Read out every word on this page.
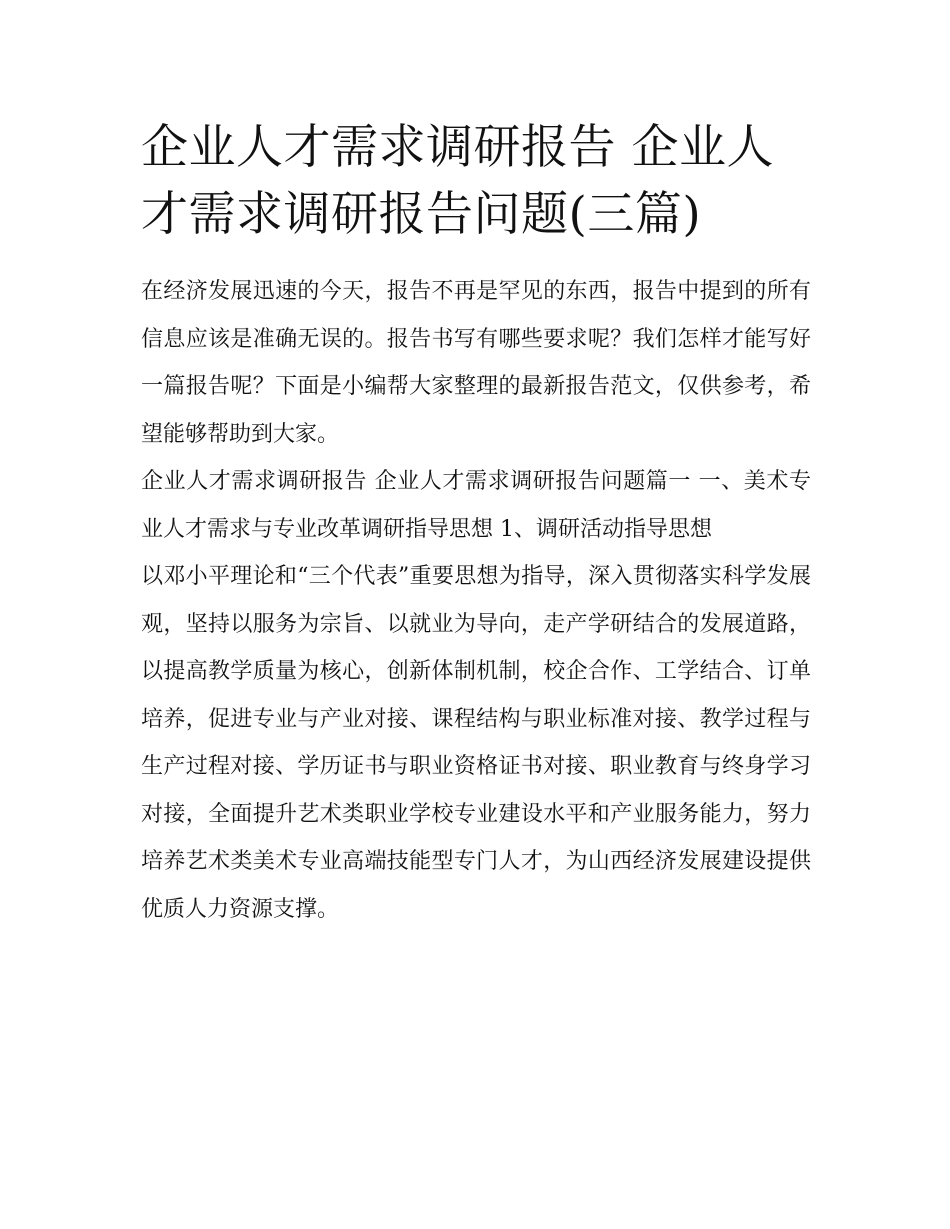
企业人才需求调研报告 企业人才需求调研报告问题(三篇)

在经济发展迅速的今天，报告不再是罕见的东西，报告中提到的所有信息应该是准确无误的。报告书写有哪些要求呢？我们怎样才能写好一篇报告呢？下面是小编帮大家整理的最新报告范文，仅供参考，希望能够帮助到大家。

企业人才需求调研报告 企业人才需求调研报告问题篇一 一、美术专业人才需求与专业改革调研指导思想 1、调研活动指导思想

以邓小平理论和“三个代表”重要思想为指导，深入贯彻落实科学发展观，坚持以服务为宗旨、以就业为导向，走产学研结合的发展道路，以提高教学质量为核心，创新体制机制，校企合作、工学结合、订单培养，促进专业与产业对接、课程结构与职业标准对接、教学过程与生产过程对接、学历证书与职业资格证书对接、职业教育与终身学习对接，全面提升艺术类职业学校专业建设水平和产业服务能力，努力培养艺术类美术专业高端技能型专门人才，为山西经济发展建设提供优质人力资源支撑。
